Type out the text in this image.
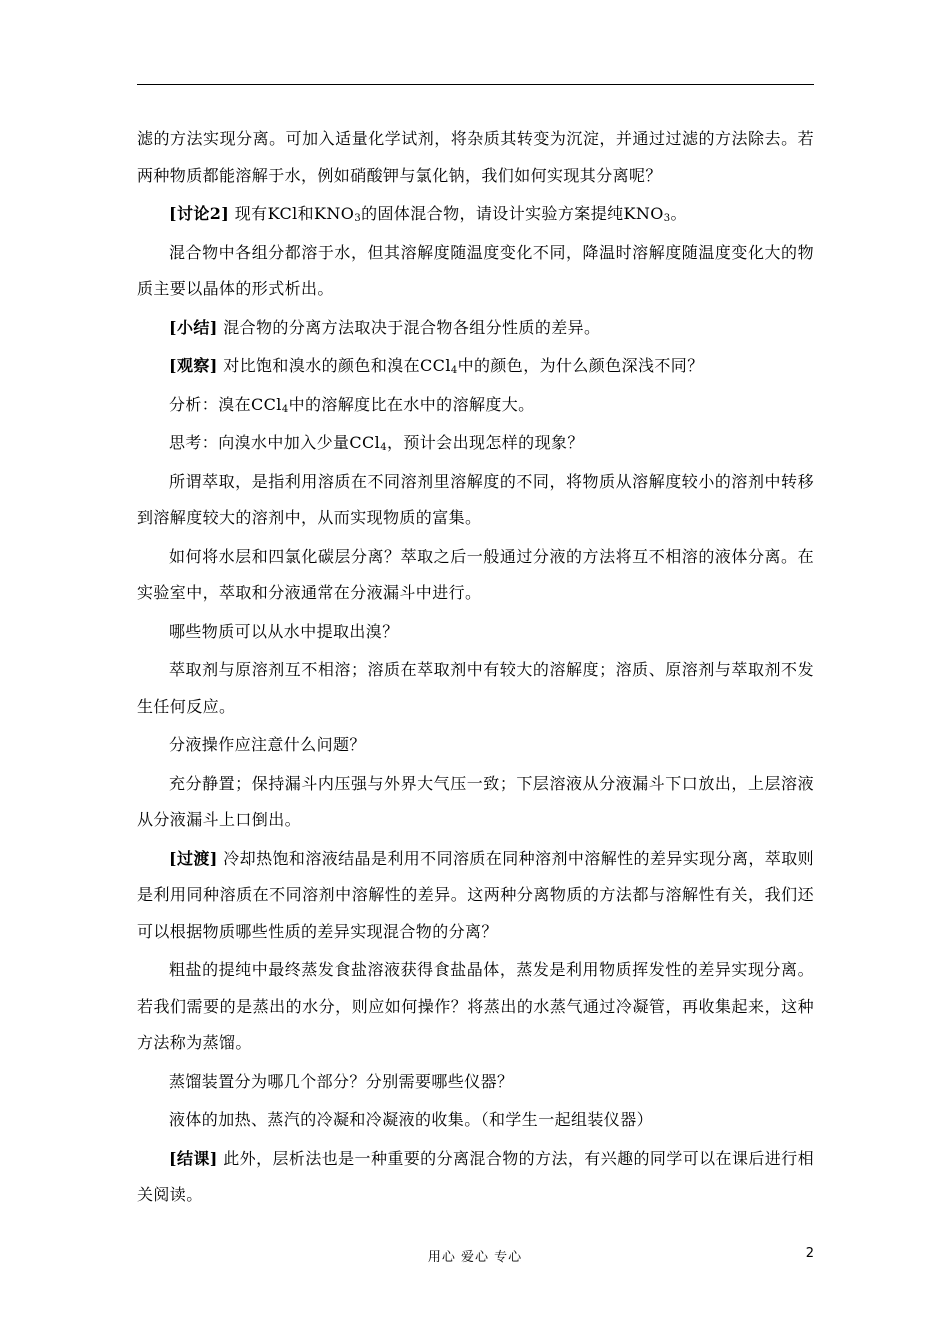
滤的方法实现分离。可加入适量化学试剂，将杂质其转变为沉淀，并通过过滤的方法除去。若两种物质都能溶解于水，例如硝酸钾与氯化钠，我们如何实现其分离呢？

[讨论2] 现有KCl和$KNO_3$的固体混合物，请设计实验方案提纯$KNO_3$。

混合物中各组分都溶于水，但其溶解度随温度变化不同，降温时溶解度随温度变化大的物质主要以晶体的形式析出。

[小结] 混合物的分离方法取决于混合物各组分性质的差异。

[观察] 对比饱和溴水的颜色和溴在CCl$_4$中的颜色，为什么颜色深浅不同？

分析：溴在CCl$_4$中的溶解度比在水中的溶解度大。

思考：向溴水中加入少量CCl$_4$，预计会出现怎样的现象？

所谓萃取，是指利用溶质在不同溶剂里溶解度的不同，将物质从溶解度较小的溶剂中转移到溶解度较大的溶剂中，从而实现物质的富集。

如何将水层和四氯化碳层分离？萃取之后一般通过分液的方法将互不相溶的液体分离。在实验室中，萃取和分液通常在分液漏斗中进行。

哪些物质可以从水中提取出溴？

萃取剂与原溶剂互不相溶；溶质在萃取剂中有较大的溶解度；溶质、原溶剂与萃取剂不发生任何反应。

分液操作应注意什么问题？

充分静置；保持漏斗内压强与外界大气压一致；下层溶液从分液漏斗下口放出，上层溶液从分液漏斗上口倒出。

[过渡] 冷却热饱和溶液结晶是利用不同溶质在同种溶剂中溶解性的差异实现分离，萃取则是利用同种溶质在不同溶剂中溶解性的差异。这两种分离物质的方法都与溶解性有关，我们还可以根据物质哪些性质的差异实现混合物的分离？

粗盐的提纯中最终蒸发食盐溶液获得食盐晶体，蒸发是利用物质挥发性的差异实现分离。若我们需要的是蒸出的水分，则应如何操作？将蒸出的水蒸气通过冷凝管，再收集起来，这种方法称为蒸馏。

蒸馏装置分为哪几个部分？分别需要哪些仪器？

液体的加热、蒸汽的冷凝和冷凝液的收集。（和学生一起组装仪器）

[结课] 此外，层析法也是一种重要的分离混合物的方法，有兴趣的同学可以在课后进行相关阅读。

用心 爱心 专心	2
